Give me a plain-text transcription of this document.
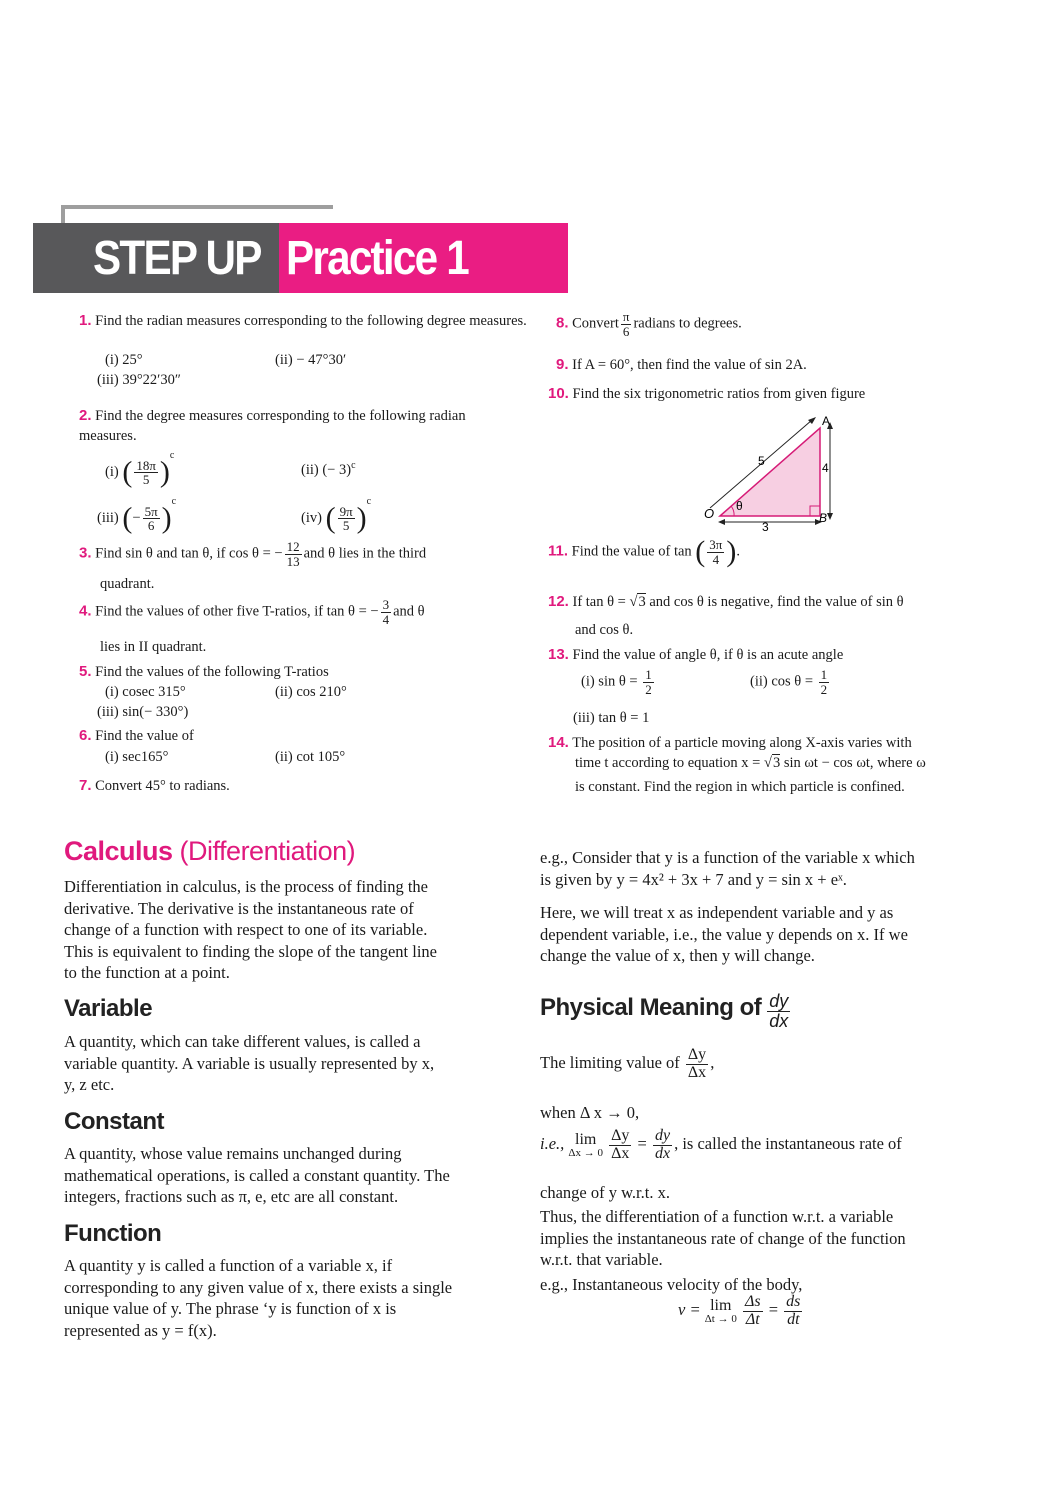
STEP UP Practice 1
1. Find the radian measures corresponding to the following degree measures.
(i) 25°	(ii) − 47°30′
(iii) 39°22′30″
2. Find the degree measures corresponding to the following radian measures.
(i) ( $\frac{18\pi}{5} )^c$
(ii) (− 3)$^c$
(iii) (− $\frac{5\pi}{6} )^c$
(iv) ( $\frac{9\pi}{5} )^c$
3. Find sin θ and tan θ, if cos θ = − $\frac{12}{13}$ and θ lies in the third
quadrant.
4. Find the values of other five T-ratios, if tan θ = − $\frac{3}{4}$ and θ
lies in II quadrant.
5. Find the values of the following T-ratios
(i) cosec 315°	(ii) cos 210°
(iii) sin(− 330°)
6. Find the value of
(i) sec165°	(ii) cot 105°
7. Convert 45° to radians.
8. Convert $\frac{\pi}{6}$ radians to degrees.
9. If A = 60°, then find the value of sin 2A.
10. Find the six trigonometric ratios from given figure
A
B
O
5	4
3
θ
11. Find the value of tan ( $\frac{3\pi}{4}$ ).
12. If tan θ = √3 and cos θ is negative, find the value of sin θ
and cos θ.
13. Find the value of angle θ, if θ is an acute angle
(i) $\sin \theta = \frac{1}{2}$	(ii) $\cos \theta = \frac{1}{2}$
(iii) tan θ = 1
14. The position of a particle moving along X-axis varies with
time t according to equation x = √3 sin ωt − cos ωt, where ω
is constant. Find the region in which particle is confined.
Calculus (Differentiation)
Differentiation in calculus, is the process of finding the
derivative. The derivative is the instantaneous rate of
change of a function with respect to one of its variable.
This is equivalent to finding the slope of the tangent line
to the function at a point.
Variable
A quantity, which can take different values, is called a
variable quantity. A variable is usually represented by x,
y, z etc.
Constant
A quantity, whose value remains unchanged during
mathematical operations, is called a constant quantity. The
integers, fractions such as π, e, etc are all constant.
Function
A quantity y is called a function of a variable x, if
corresponding to any given value of x, there exists a single
unique value of y. The phrase ‘y is function of x is
represented as y = f(x).
e.g., Consider that y is a function of the variable x which
is given by y = 4x² + 3x + 7 and y = sin x + eˣ.
Here, we will treat x as independent variable and y as
dependent variable, i.e., the value y depends on x. If we
change the value of x, then y will change.
Physical Meaning of $\frac{dy}{dx}$
The limiting value of $\frac{\Delta y}{\Delta x}$ ,
when Δ x → 0,
i.e., lim
Δx → 0
$\frac{\Delta y}{\Delta x} = \frac{dy}{dx}$ , is called the instantaneous rate of
change of y w.r.t. x.
Thus, the differentiation of a function w.r.t. a variable
implies the instantaneous rate of change of the function
w.r.t. that variable.
e.g., Instantaneous velocity of the body,
v = lim
Δt → 0
$\frac{\Delta s}{\Delta t} = \frac{ds}{dt}$
